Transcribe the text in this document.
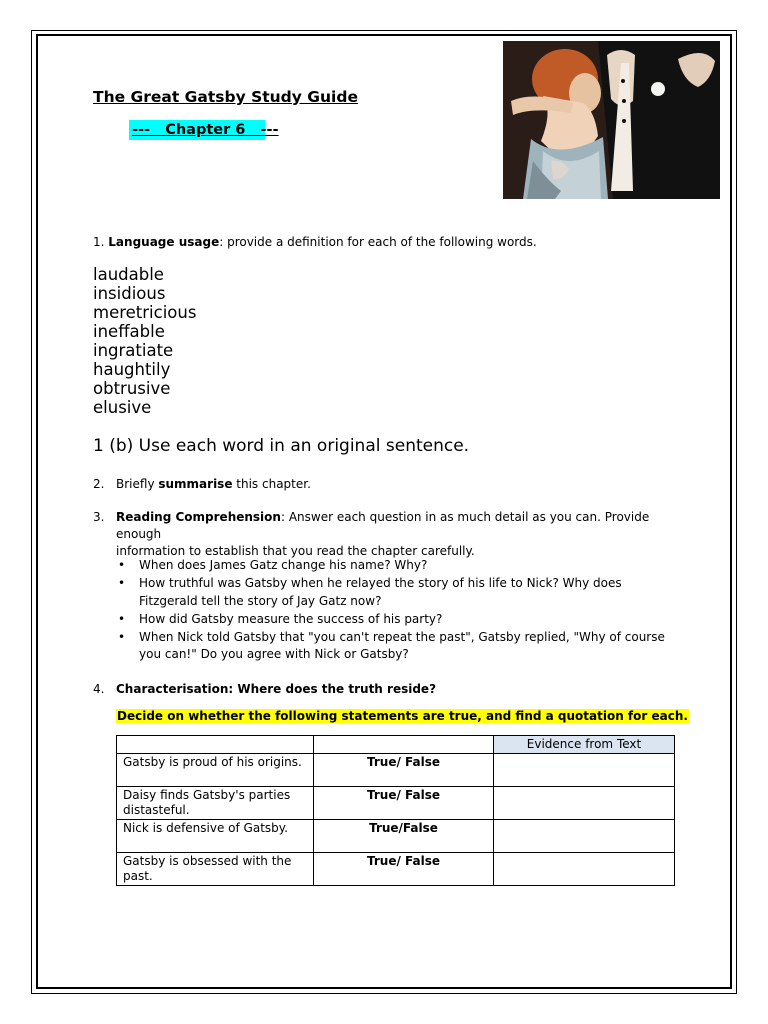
The Great Gatsby Study Guide
---   Chapter 6   ---
1. Language usage: provide a definition for each of the following words.
laudable
insidious
meretricious
ineffable
ingratiate
haughtily
obtrusive
elusive
1 (b) Use each word in an original sentence.
2. Briefly summarise this chapter.
3. Reading Comprehension: Answer each question in as much detail as you can. Provide enough
information to establish that you read the chapter carefully.
• When does James Gatz change his name? Why?
• How truthful was Gatsby when he relayed the story of his life to Nick? Why does Fitzgerald tell the story of Jay Gatz now?
• How did Gatsby measure the success of his party?
• When Nick told Gatsby that "you can't repeat the past", Gatsby replied, "Why of course you can!" Do you agree with Nick or Gatsby?
4. Characterisation: Where does the truth reside?
Decide on whether the following statements are true, and find a quotation for each.
		Evidence from Text
Gatsby is proud of his origins.	True/ False	
Daisy finds Gatsby's parties distasteful.	True/ False	
Nick is defensive of Gatsby.	True/False	
Gatsby is obsessed with the past.	True/ False	
